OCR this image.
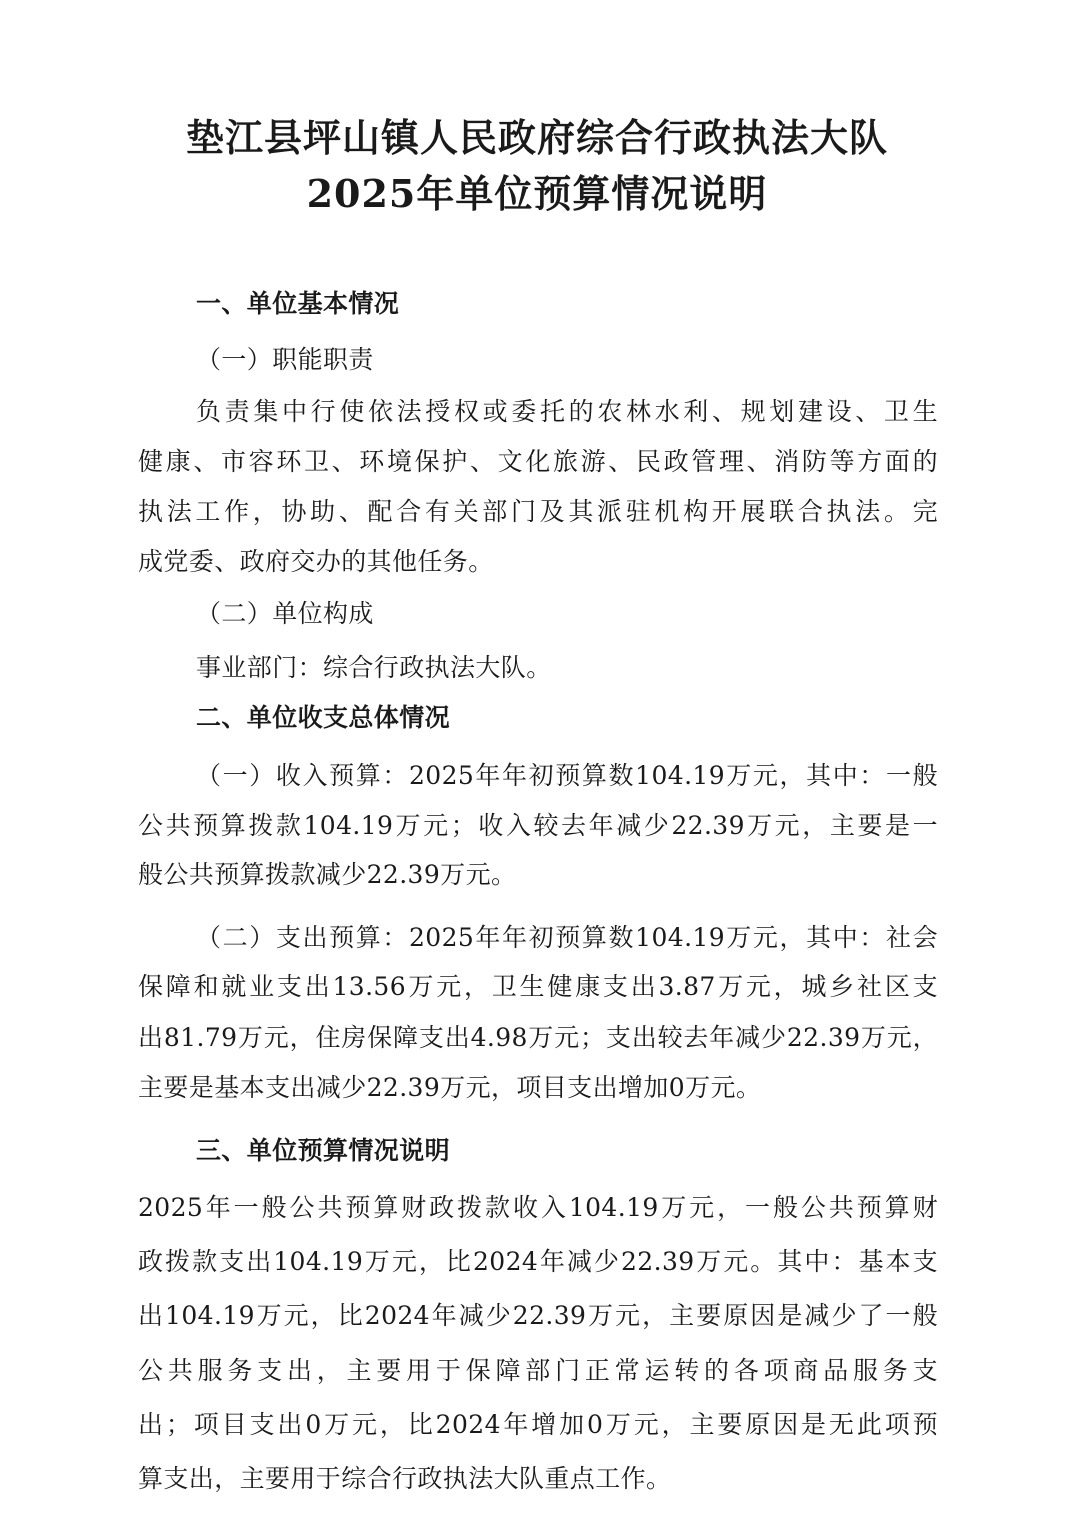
垫江县坪山镇人民政府综合行政执法大队
2025年单位预算情况说明
一、单位基本情况
（一）职能职责
负责集中行使依法授权或委托的农林水利、规划建设、卫生
健康、市容环卫、环境保护、文化旅游、民政管理、消防等方面的
执法工作，协助、配合有关部门及其派驻机构开展联合执法。完
成党委、政府交办的其他任务。
（二）单位构成
事业部门：综合行政执法大队。
二、单位收支总体情况
（一）收入预算：2025年年初预算数104.19万元，其中：一般
公共预算拨款104.19万元；收入较去年减少22.39万元，主要是一
般公共预算拨款减少22.39万元。
（二）支出预算：2025年年初预算数104.19万元，其中：社会
保障和就业支出13.56万元，卫生健康支出3.87万元，城乡社区支
出81.79万元，住房保障支出4.98万元；支出较去年减少22.39万元，
主要是基本支出减少22.39万元，项目支出增加0万元。
三、单位预算情况说明
2025年一般公共预算财政拨款收入104.19万元，一般公共预算财
政拨款支出104.19万元，比2024年减少22.39万元。其中：基本支
出104.19万元，比2024年减少22.39万元，主要原因是减少了一般
公共服务支出，主要用于保障部门正常运转的各项商品服务支
出；项目支出0万元，比2024年增加0万元，主要原因是无此项预
算支出，主要用于综合行政执法大队重点工作。
